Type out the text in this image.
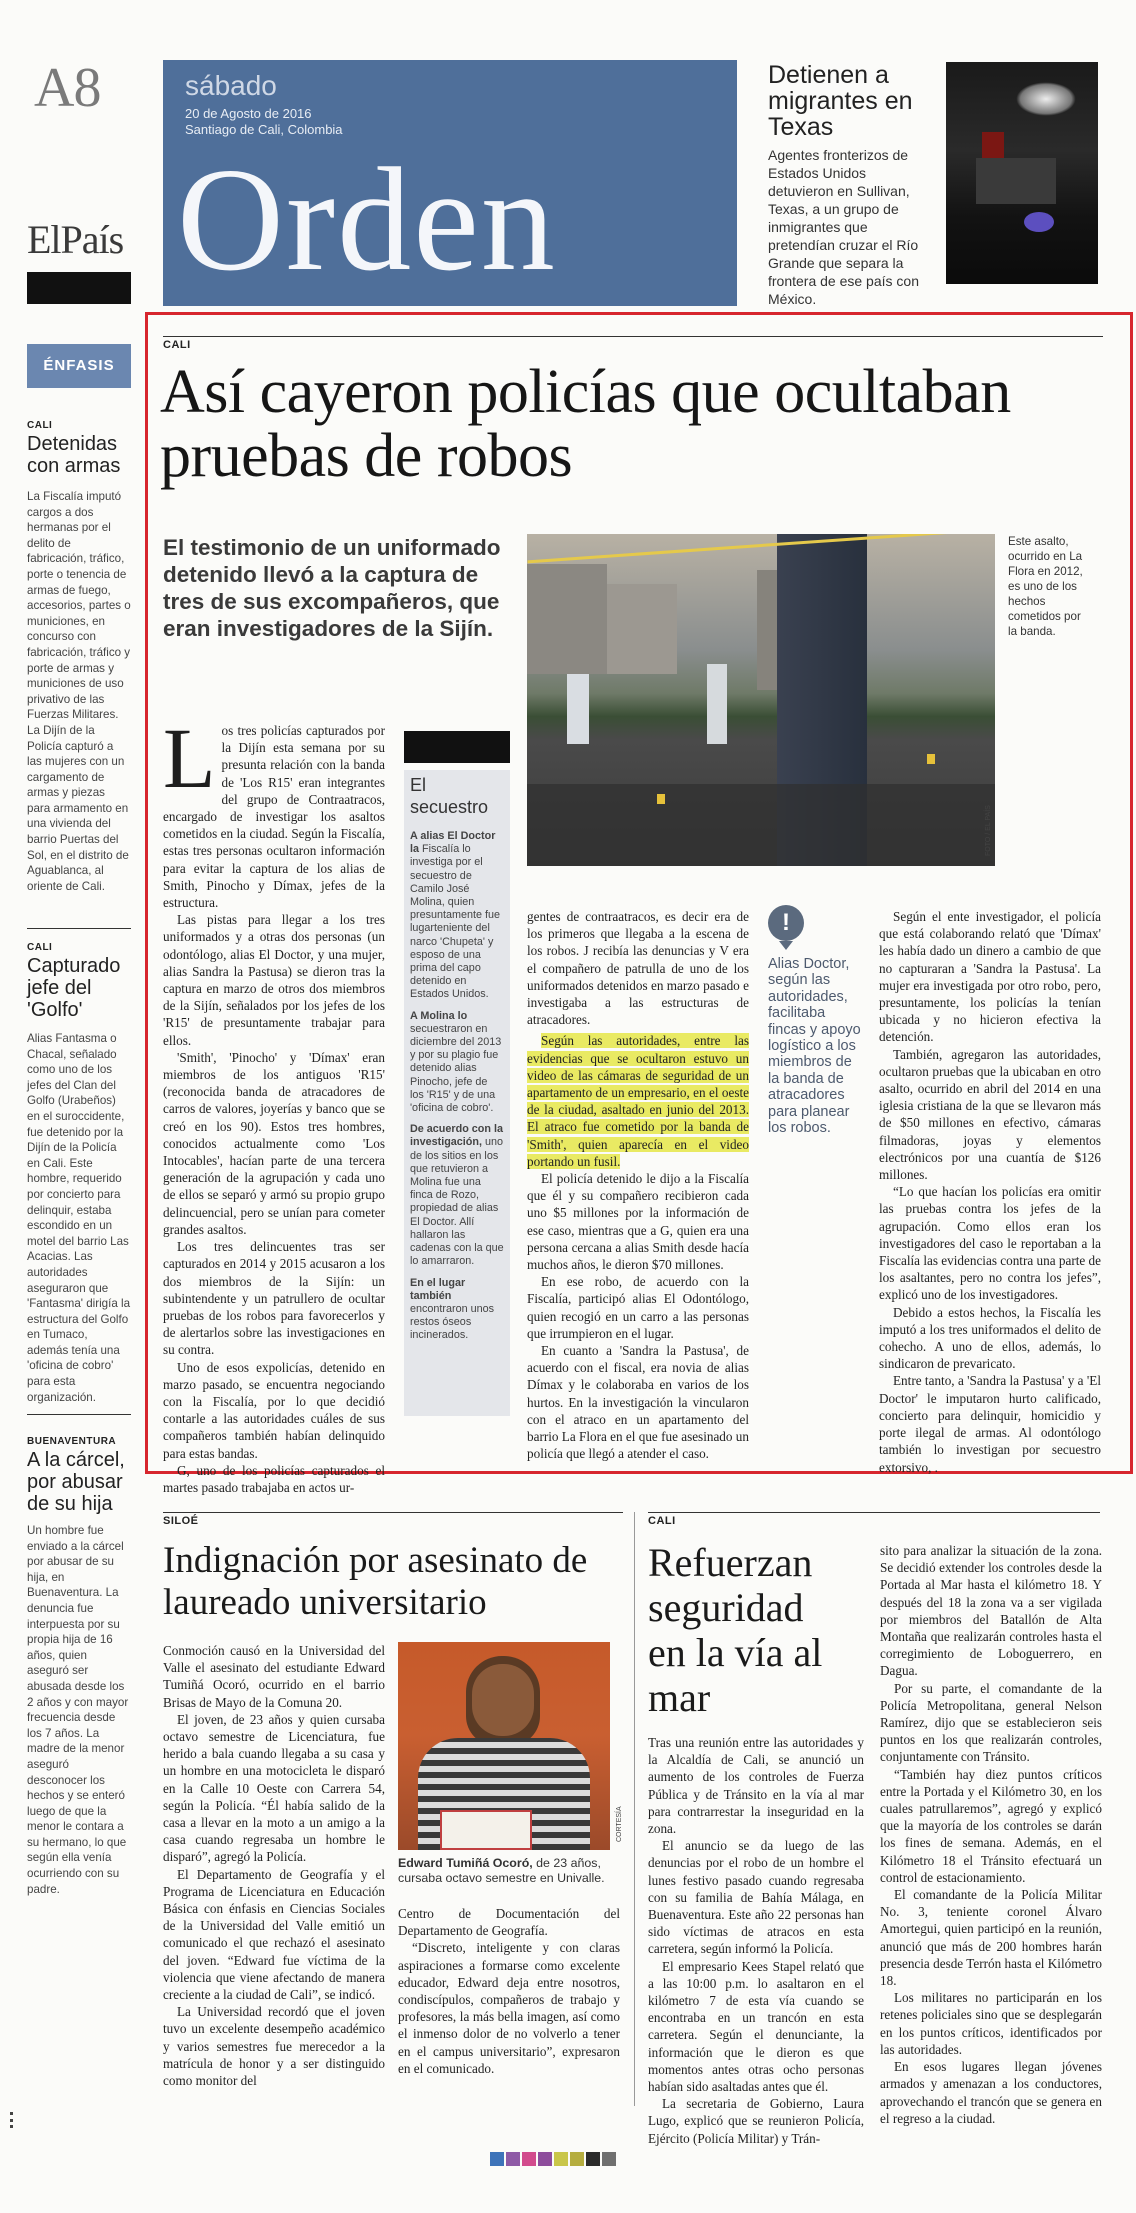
A8
ElPaís
sábado
20 de Agosto de 2016
Santiago de Cali, Colombia
Orden
Detienen a migrantes en Texas
Agentes fronterizos de Estados Unidos detuvieron en Sullivan, Texas, a un grupo de inmigrantes que pretendían cruzar el Río Grande que separa la frontera de ese país con México.
ÉNFASIS
CALI
Detenidas con armas
La Fiscalía imputó cargos a dos hermanas por el delito de fabricación, tráfico, porte o tenencia de armas de fuego, accesorios, partes o municiones, en concurso con fabricación, tráfico y porte de armas y municiones de uso privativo de las Fuerzas Militares. La Dijín de la Policía capturó a las mujeres con un cargamento de armas y piezas para armamento en una vivienda del barrio Puertas del Sol, en el distrito de Aguablanca, al oriente de Cali.
CALI
Capturado jefe del 'Golfo'
Alias Fantasma o Chacal, señalado como uno de los jefes del Clan del Golfo (Urabeños) en el suroccidente, fue detenido por la Dijín de la Policía en Cali. Este hombre, requerido por concierto para delinquir, estaba escondido en un motel del barrio Las Acacias. Las autoridades aseguraron que 'Fantasma' dirigía la estructura del Golfo en Tumaco, además tenía una 'oficina de cobro' para esta organización.
BUENAVENTURA
A la cárcel, por abusar de su hija
Un hombre fue enviado a la cárcel por abusar de su hija, en Buenaventura. La denuncia fue interpuesta por su propia hija de 16 años, quien aseguró ser abusada desde los 2 años y con mayor frecuencia desde los 7 años. La madre de la menor aseguró desconocer los hechos y se enteró luego de que la menor le contara a su hermano, lo que según ella venía ocurriendo con su padre.
CALI
Así cayeron policías que ocultaban pruebas de robos
El testimonio de un uniformado detenido llevó a la captura de tres de sus excompañeros, que eran investigadores de la Sijín.
FOTO / EL PAÍS
Este asalto, ocurrido en La Flora en 2012, es uno de los hechos cometidos por la banda.
L os tres policías capturados por la Dijín esta semana por su presunta relación con la banda de 'Los R15' eran integrantes del grupo de Contraatracos, encargado de investigar los asaltos cometidos en la ciudad. Según la Fiscalía, estas tres personas ocultaron información para evitar la captura de los alias de Smith, Pinocho y Dímax, jefes de la estructura.

Las pistas para llegar a los tres uniformados y a otras dos personas (un odontólogo, alias El Doctor, y una mujer, alias Sandra la Pastusa) se dieron tras la captura en marzo de otros dos miembros de la Sijín, señalados por los jefes de los 'R15' de presuntamente trabajar para ellos.

'Smith', 'Pinocho' y 'Dímax' eran miembros de los antiguos 'R15' (reconocida banda de atracadores de carros de valores, joyerías y banco que se creó en los 90). Estos tres hombres, conocidos actualmente como 'Los Intocables', hacían parte de una tercera generación de la agrupación y cada uno de ellos se separó y armó su propio grupo delincuencial, pero se unían para cometer grandes asaltos.

Los tres delincuentes tras ser capturados en 2014 y 2015 acusaron a los dos miembros de la Sijín: un subintendente y un patrullero de ocultar pruebas de los robos para favorecerlos y de alertarlos sobre las investigaciones en su contra.

Uno de esos expolicías, detenido en marzo pasado, se encuentra negociando con la Fiscalía, por lo que decidió contarle a las autoridades cuáles de sus compañeros también habían delinquido para estas bandas.

G, uno de los policías capturados el martes pasado trabajaba en actos ur-

El secuestro
A alias El Doctor la Fiscalía lo investiga por el secuestro de Camilo José Molina, quien presuntamente fue lugarteniente del narco 'Chupeta' y esposo de una prima del capo detenido en Estados Unidos.
A Molina lo secuestraron en diciembre del 2013 y por su plagio fue detenido alias Pinocho, jefe de los 'R15' y de una 'oficina de cobro'.
De acuerdo con la investigación, uno de los sitios en los que retuvieron a Molina fue una finca de Rozo, propiedad de alias El Doctor. Allí hallaron las cadenas con la que lo amarraron.
En el lugar también encontraron unos restos óseos incinerados.

gentes de contraatracos, es decir era de los primeros que llegaba a la escena de los robos. J recibía las denuncias y V era el compañero de patrulla de uno de los uniformados detenidos en marzo pasado e investigaba a las estructuras de atracadores.

Según las autoridades, entre las evidencias que se ocultaron estuvo un video de las cámaras de seguridad de un apartamento de un empresario, en el oeste de la ciudad, asaltado en junio del 2013. El atraco fue cometido por la banda de 'Smith', quien aparecía en el video portando un fusil.

El policía detenido le dijo a la Fiscalía que él y su compañero recibieron cada uno $5 millones por la información de ese caso, mientras que a G, quien era una persona cercana a alias Smith desde hacía muchos años, le dieron $70 millones.

En ese robo, de acuerdo con la Fiscalía, participó alias El Odontólogo, quien recogió en un carro a las personas que irrumpieron en el lugar.

En cuanto a 'Sandra la Pastusa', de acuerdo con el fiscal, era novia de alias Dímax y le colaboraba en varios de los hurtos. En la investigación la vincularon con el atraco en un apartamento del barrio La Flora en el que fue asesinado un policía que llegó a atender el caso.

!
Alias Doctor, según las autoridades, facilitaba fincas y apoyo logístico a los miembros de la banda de atracadores para planear los robos.

Según el ente investigador, el policía que está colaborando relató que 'Dímax' les había dado un dinero a cambio de que no capturaran a 'Sandra la Pastusa'. La mujer era investigada por otro robo, pero, presuntamente, los policías la tenían ubicada y no hicieron efectiva la detención.

También, agregaron las autoridades, ocultaron pruebas que la ubicaban en otro asalto, ocurrido en abril del 2014 en una iglesia cristiana de la que se llevaron más de $50 millones en efectivo, cámaras filmadoras, joyas y elementos electrónicos por una cuantía de $126 millones.

“Lo que hacían los policías era omitir las pruebas contra los jefes de la agrupación. Como ellos eran los investigadores del caso le reportaban a la Fiscalía las evidencias contra una parte de los asaltantes, pero no contra los jefes”, explicó uno de los investigadores.

Debido a estos hechos, la Fiscalía les imputó a los tres uniformados el delito de cohecho. A uno de ellos, además, lo sindicaron de prevaricato.

Entre tanto, a 'Sandra la Pastusa' y a 'El Doctor' le imputaron hurto calificado, concierto para delinquir, homicidio y porte ilegal de armas. Al odontólogo también lo investigan por secuestro extorsivo, .

SILOÉ
Indignación por asesinato de laureado universitario

Conmoción causó en la Universidad del Valle el asesinato del estudiante Edward Tumiñá Ocoró, ocurrido en el barrio Brisas de Mayo de la Comuna 20.

El joven, de 23 años y quien cursaba octavo semestre de Licenciatura, fue herido a bala cuando llegaba a su casa y un hombre en una motocicleta le disparó en la Calle 10 Oeste con Carrera 54, según la Policía. “Él había salido de la casa a llevar en la moto a un amigo a la casa cuando regresaba un hombre le disparó”, agregó la Policía.

El Departamento de Geografía y el Programa de Licenciatura en Educación Básica con énfasis en Ciencias Sociales de la Universidad del Valle emitió un comunicado el que rechazó el asesinato del joven. “Edward fue víctima de la violencia que viene afectando de manera creciente a la ciudad de Cali”, se indicó.

La Universidad recordó que el joven tuvo un excelente desempeño académico y varios semestres fue merecedor a la matrícula de honor y a ser distinguido como monitor del

CORTESÍA
Edward Tumiñá Ocoró, de 23 años, cursaba octavo semestre en Univalle.

Centro de Documentación del Departamento de Geografía.

“Discreto, inteligente y con claras aspiraciones a formarse como excelente educador, Edward deja entre nosotros, condiscípulos, compañeros de trabajo y profesores, la más bella imagen, así como el inmenso dolor de no volverlo a tener en el campus universitario”, expresaron en el comunicado.

CALI
Refuerzan seguridad en la vía al mar

Tras una reunión entre las autoridades y la Alcaldía de Cali, se anunció un aumento de los controles de Fuerza Pública y de Tránsito en la vía al mar para contrarrestar la inseguridad en la zona.

El anuncio se da luego de las denuncias por el robo de un hombre el lunes festivo pasado cuando regresaba con su familia de Bahía Málaga, en Buenaventura. Este año 22 personas han sido víctimas de atracos en esta carretera, según informó la Policía.

El empresario Kees Stapel relató que a las 10:00 p.m. lo asaltaron en el kilómetro 7 de esta vía cuando se encontraba en un trancón en esta carretera. Según el denunciante, la información que le dieron es que momentos antes otras ocho personas habían sido asaltadas antes que él.

La secretaria de Gobierno, Laura Lugo, explicó que se reunieron Policía, Ejército (Policía Militar) y Trán-

sito para analizar la situación de la zona. Se decidió extender los controles desde la Portada al Mar hasta el kilómetro 18. Y después del 18 la zona va a ser vigilada por miembros del Batallón de Alta Montaña que realizarán controles hasta el corregimiento de Loboguerrero, en Dagua.

Por su parte, el comandante de la Policía Metropolitana, general Nelson Ramírez, dijo que se establecieron seis puntos en los que realizarán controles, conjuntamente con Tránsito.

“También hay diez puntos críticos entre la Portada y el Kilómetro 30, en los cuales patrullaremos”, agregó y explicó que la mayoría de los controles se darán los fines de semana. Además, en el Kilómetro 18 el Tránsito efectuará un control de estacionamiento.

El comandante de la Policía Militar No. 3, teniente coronel Álvaro Amortegui, quien participó en la reunión, anunció que más de 200 hombres harán presencia desde Terrón hasta el Kilómetro 18.

Los militares no participarán en los retenes policiales sino que se desplegarán en los puntos críticos, identificados por las autoridades.

En esos lugares llegan jóvenes armados y amenazan a los conductores, aprovechando el trancón que se genera en el regreso a la ciudad.
